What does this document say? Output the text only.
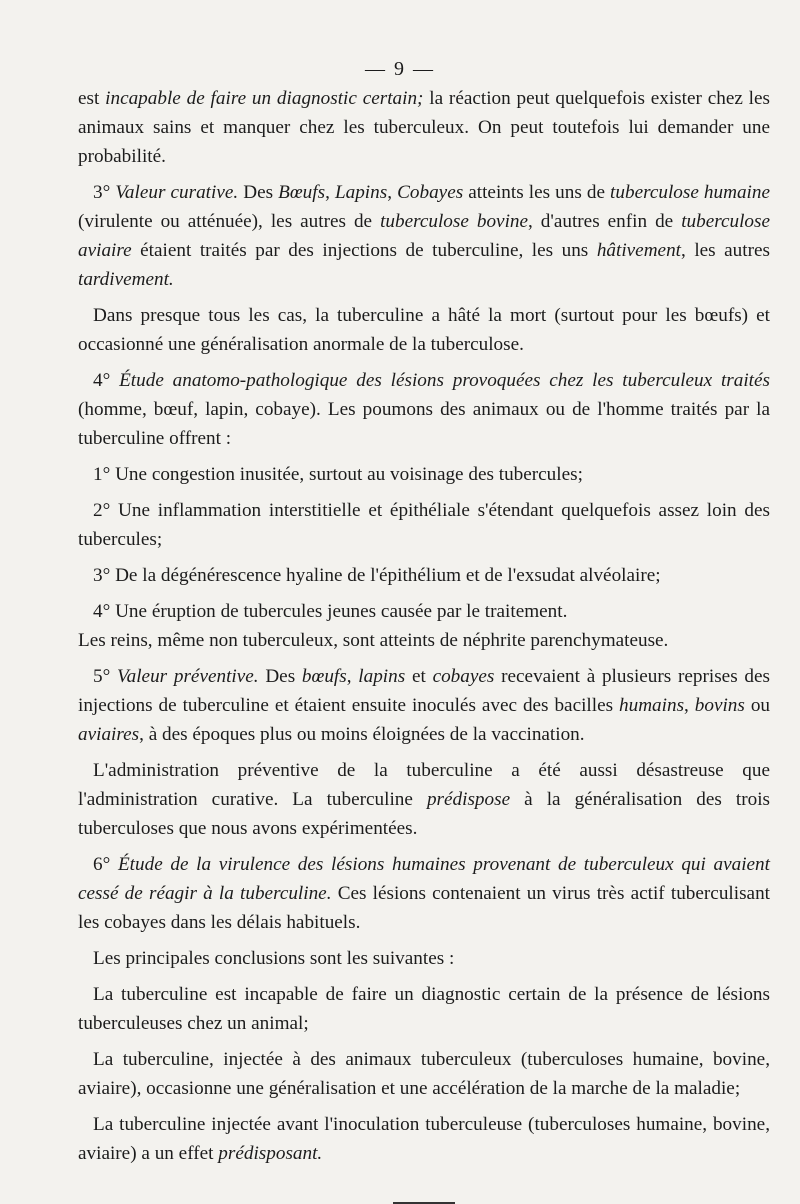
— 9 —

est incapable de faire un diagnostic certain; la réaction peut quelquefois exister chez les animaux sains et manquer chez les tuberculeux. On peut toutefois lui demander une probabilité.

3° Valeur curative. Des Bœufs, Lapins, Cobayes atteints les uns de tuberculose humaine (virulente ou atténuée), les autres de tuberculose bovine, d'autres enfin de tuberculose aviaire étaient traités par des injections de tuberculine, les uns hâtivement, les autres tardivement.

Dans presque tous les cas, la tuberculine a hâté la mort (surtout pour les bœufs) et occasionné une généralisation anormale de la tuberculose.

4° Étude anatomo-pathologique des lésions provoquées chez les tuberculeux traités (homme, bœuf, lapin, cobaye). Les poumons des animaux ou de l'homme traités par la tuberculine offrent :

1° Une congestion inusitée, surtout au voisinage des tubercules;

2° Une inflammation interstitielle et épithéliale s'étendant quelquefois assez loin des tubercules;

3° De la dégénérescence hyaline de l'épithélium et de l'exsudat alvéolaire;

4° Une éruption de tubercules jeunes causée par le traitement.
Les reins, même non tuberculeux, sont atteints de néphrite parenchymateuse.

5° Valeur préventive. Des bœufs, lapins et cobayes recevaient à plusieurs reprises des injections de tuberculine et étaient ensuite inoculés avec des bacilles humains, bovins ou aviaires, à des époques plus ou moins éloignées de la vaccination.

L'administration préventive de la tuberculine a été aussi désastreuse que l'administration curative. La tuberculine prédispose à la généralisation des trois tuberculoses que nous avons expérimentées.

6° Étude de la virulence des lésions humaines provenant de tuberculeux qui avaient cessé de réagir à la tuberculine. Ces lésions contenaient un virus très actif tuberculisant les cobayes dans les délais habituels.

Les principales conclusions sont les suivantes :

La tuberculine est incapable de faire un diagnostic certain de la présence de lésions tuberculeuses chez un animal;

La tuberculine, injectée à des animaux tuberculeux (tuberculoses humaine, bovine, aviaire), occasionne une généralisation et une accélération de la marche de la maladie;

La tuberculine injectée avant l'inoculation tuberculeuse (tuberculoses humaine, bovine, aviaire) a un effet prédisposant.
